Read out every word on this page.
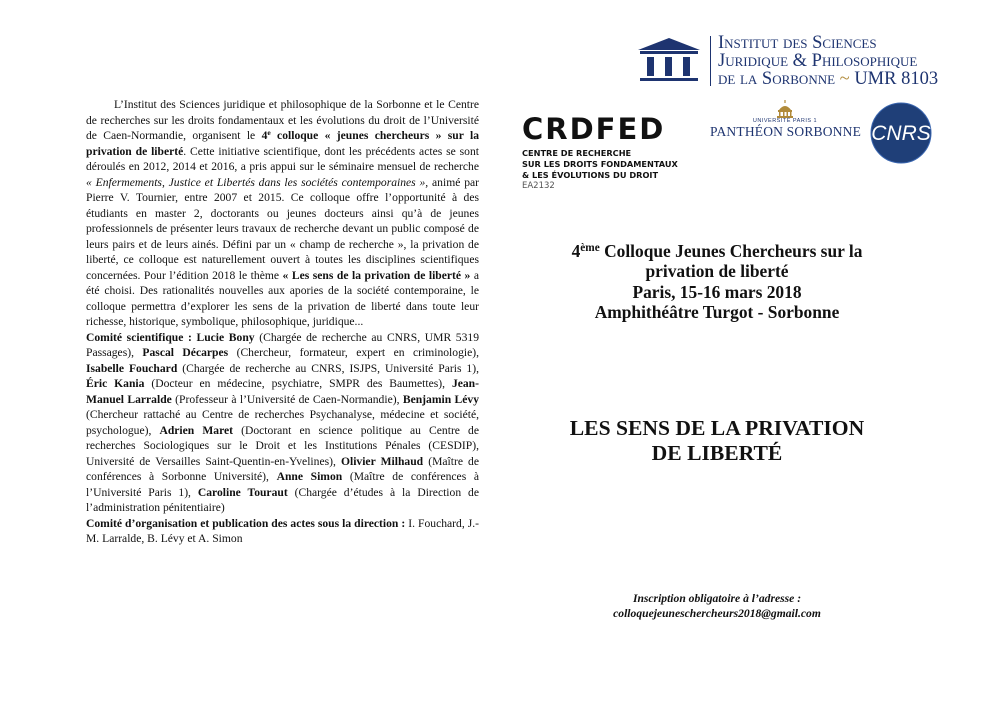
L’Institut des Sciences juridique et philosophique de la Sorbonne et le Centre de recherches sur les droits fondamentaux et les évolutions du droit de l’Université de Caen-Normandie, organisent le 4e colloque « jeunes chercheurs » sur la privation de liberté. Cette initiative scientifique, dont les précédents actes se sont déroulés en 2012, 2014 et 2016, a pris appui sur le séminaire mensuel de recherche « Enfermements, Justice et Libertés dans les sociétés contemporaines », animé par Pierre V. Tournier, entre 2007 et 2015. Ce colloque offre l’opportunité à des étudiants en master 2, doctorants ou jeunes docteurs ainsi qu’à de jeunes professionnels de présenter leurs travaux de recherche devant un public composé de leurs pairs et de leurs ainés. Défini par un « champ de recherche », la privation de liberté, ce colloque est naturellement ouvert à toutes les disciplines scientifiques concernées. Pour l’édition 2018 le thème « Les sens de la privation de liberté » a été choisi. Des rationalités nouvelles aux apories de la société contemporaine, le colloque permettra d’explorer les sens de la privation de liberté dans toute leur richesse, historique, symbolique, philosophique, juridique...

Comité scientifique : Lucie Bony (Chargée de recherche au CNRS, UMR 5319 Passages), Pascal Décarpes (Chercheur, formateur, expert en criminologie), Isabelle Fouchard (Chargée de recherche au CNRS, ISJPS, Université Paris 1), Éric Kania (Docteur en médecine, psychiatre, SMPR des Baumettes), Jean-Manuel Larralde (Professeur à l’Université de Caen-Normandie), Benjamin Lévy (Chercheur rattaché au Centre de recherches Psychanalyse, médecine et société, psychologue), Adrien Maret (Doctorant en science politique au Centre de recherches Sociologiques sur le Droit et les Institutions Pénales (CESDIP), Université de Versailles Saint-Quentin-en-Yvelines), Olivier Milhaud (Maître de conférences à Sorbonne Université), Anne Simon (Maître de conférences à l’Université Paris 1), Caroline Touraut (Chargée d’études à la Direction de l’administration pénitentiaire)

Comité d’organisation et publication des actes sous la direction : I. Fouchard, J.-M. Larralde, B. Lévy et A. Simon

Institut des Sciences
Juridique & Philosophique
de la Sorbonne ~ UMR 8103
CRDFED
CENTRE DE RECHERCHE
SUR LES DROITS FONDAMENTAUX
& LES ÉVOLUTIONS DU DROIT
EA2132
UNIVERSITÉ PARIS 1
PANTHÉON SORBONNE CNRS
4ème Colloque Jeunes Chercheurs sur la
privation de liberté
Paris, 15-16 mars 2018
Amphithéâtre Turgot - Sorbonne
LES SENS DE LA PRIVATION
DE LIBERTÉ
Inscription obligatoire à l’adresse :
colloquejeuneschercheurs2018@gmail.com
